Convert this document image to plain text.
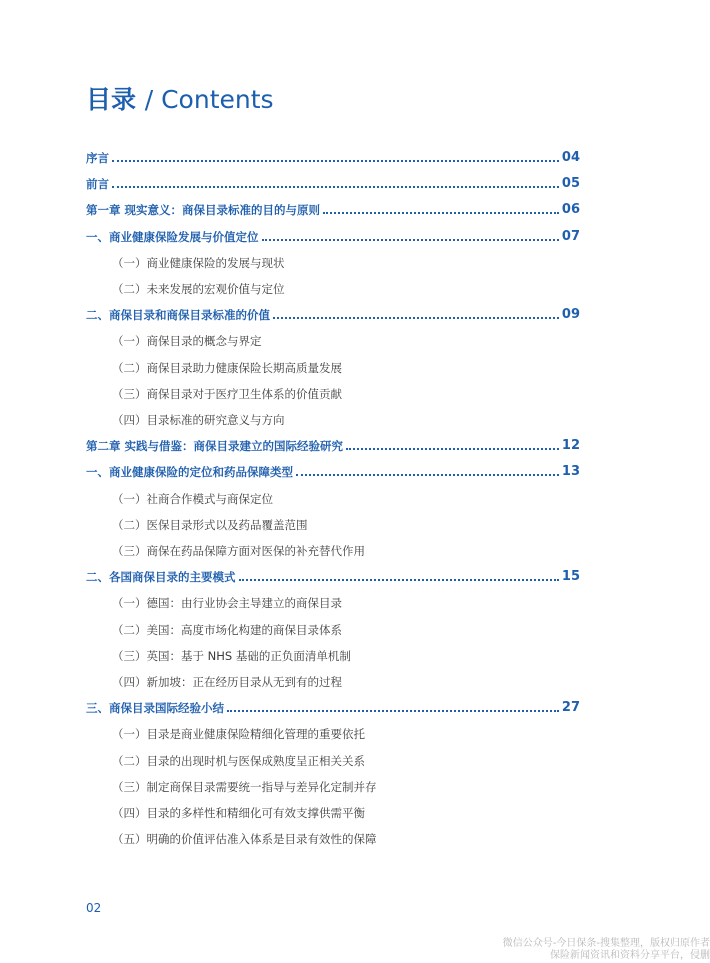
目录 / Contents
序言	04
前言	05
第一章 现实意义：商保目录标准的目的与原则	06
一、商业健康保险发展与价值定位	07
（一）商业健康保险的发展与现状
（二）未来发展的宏观价值与定位
二、商保目录和商保目录标准的价值	09
（一）商保目录的概念与界定
（二）商保目录助力健康保险长期高质量发展
（三）商保目录对于医疗卫生体系的价值贡献
（四）目录标准的研究意义与方向
第二章 实践与借鉴：商保目录建立的国际经验研究	12
一、商业健康保险的定位和药品保障类型	13
（一）社商合作模式与商保定位
（二）医保目录形式以及药品覆盖范围
（三）商保在药品保障方面对医保的补充替代作用
二、各国商保目录的主要模式	15
（一）德国：由行业协会主导建立的商保目录
（二）美国：高度市场化构建的商保目录体系
（三）英国：基于 NHS 基础的正负面清单机制
（四）新加坡：正在经历目录从无到有的过程
三、商保目录国际经验小结	27
（一）目录是商业健康保险精细化管理的重要依托
（二）目录的出现时机与医保成熟度呈正相关关系
（三）制定商保目录需要统一指导与差异化定制并存
（四）目录的多样性和精细化可有效支撑供需平衡
（五）明确的价值评估准入体系是目录有效性的保障
02
微信公众号-今日保条-搜集整理，版权归原作者
保险新闻资讯和资料分享平台，侵删
